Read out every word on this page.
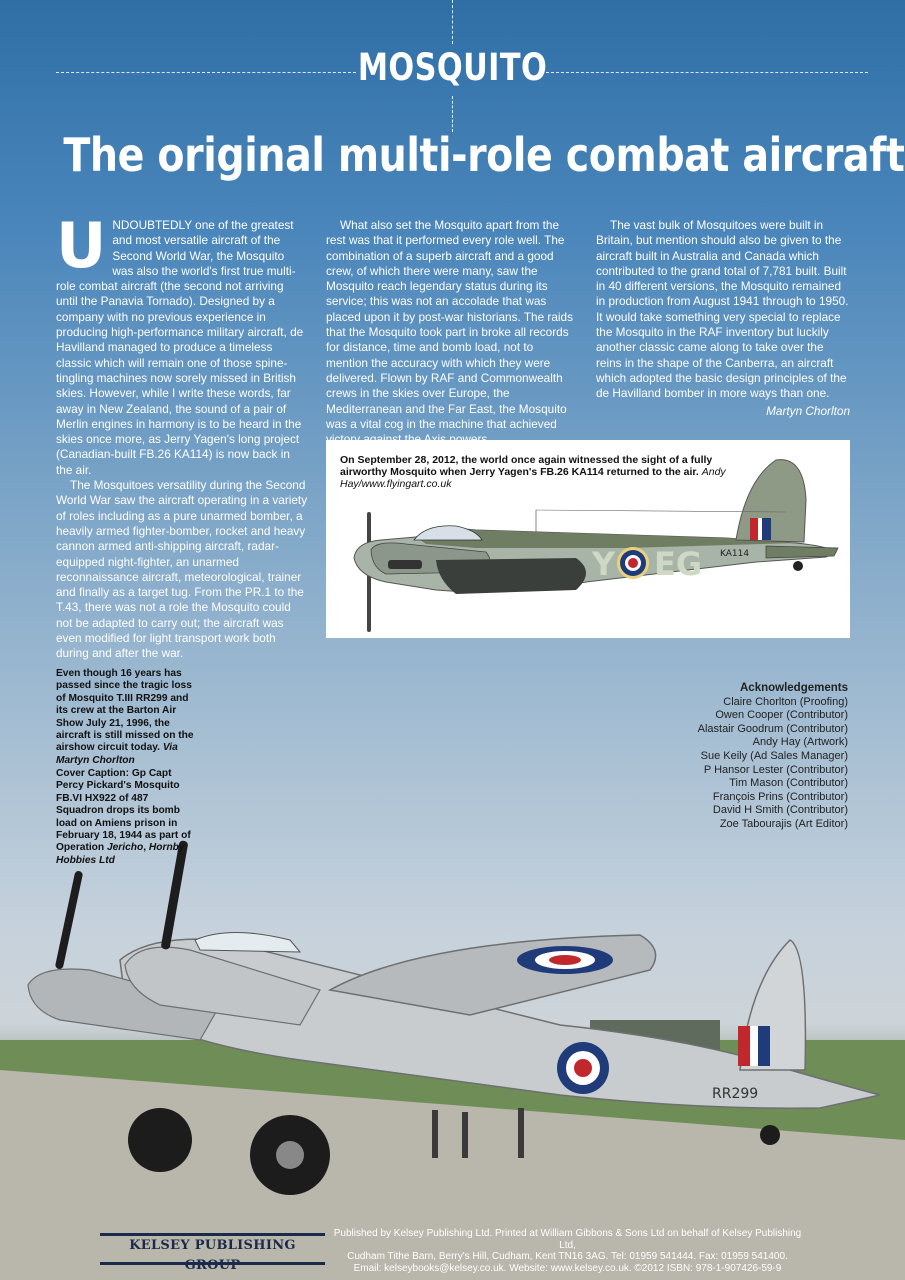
MOSQUITO
The original multi-role combat aircraft

UNDOUBTEDLY one of the greatest and most versatile aircraft of the Second World War, the Mosquito was also the world's first true multi-role combat aircraft (the second not arriving until the Panavia Tornado). Designed by a company with no previous experience in producing high-performance military aircraft, de Havilland managed to produce a timeless classic which will remain one of those spine-tingling machines now sorely missed in British skies. However, while I write these words, far away in New Zealand, the sound of a pair of Merlin engines in harmony is to be heard in the skies once more, as Jerry Yagen's long project (Canadian-built FB.26 KA114) is now back in the air.

The Mosquitoes versatility during the Second World War saw the aircraft operating in a variety of roles including as a pure unarmed bomber, a heavily armed fighter-bomber, rocket and heavy cannon armed anti-shipping aircraft, radar-equipped night-fighter, an unarmed reconnaissance aircraft, meteorological, trainer and finally as a target tug. From the PR.1 to the T.43, there was not a role the Mosquito could not be adapted to carry out; the aircraft was even modified for light transport work both during and after the war.

What also set the Mosquito apart from the rest was that it performed every role well. The combination of a superb aircraft and a good crew, of which there were many, saw the Mosquito reach legendary status during its service; this was not an accolade that was placed upon it by post-war historians. The raids that the Mosquito took part in broke all records for distance, time and bomb load, not to mention the accuracy with which they were delivered. Flown by RAF and Commonwealth crews in the skies over Europe, the Mediterranean and the Far East, the Mosquito was a vital cog in the machine that achieved

The vast bulk of Mosquitoes were built in Britain, but mention should also be given to the aircraft built in Australia and Canada which contributed to the grand total of 7,781 built. Built in 40 different versions, the Mosquito remained in production from August 1941 through to 1950. It would take something very special to replace the Mosquito in the RAF inventory but luckily another classic came along to take over the reins in the shape of the Canberra, an aircraft which adopted the basic design principles of the de Havilland bomber in more ways than one.

Martyn Chorlton
On September 28, 2012, the world once again witnessed the sight of a fully airworthy Mosquito when Jerry Yagen's FB.26 KA114 returned to the air. Andy Hay/www.flyingart.co.uk
Y EG KA114
RR299
Even though 16 years has passed since the tragic loss of Mosquito T.III RR299 and its crew at the Barton Air Show July 21, 1996, the aircraft is still missed on the airshow circuit today. Via Martyn Chorlton
Cover Caption: Gp Capt Percy Pickard's Mosquito FB.VI HX922 of 487 Squadron drops its bomb load on Amiens prison in February 18, 1944 as part of Operation Jericho, Hornby Hobbies Ltd
Acknowledgements
Claire Chorlton (Proofing)
Owen Cooper (Contributor)
Alastair Goodrum (Contributor)
Andy Hay (Artwork)
Sue Keily (Ad Sales Manager)
P Hansor Lester (Contributor)
Tim Mason (Contributor)
François Prins (Contributor)
David H Smith (Contributor)
Zoe Tabourajis (Art Editor)
KELSEY PUBLISHING GROUP
Published by Kelsey Publishing Ltd. Printed at William Gibbons & Sons Ltd on behalf of Kelsey Publishing Ltd,
Cudham Tithe Barn, Berry's Hill, Cudham, Kent TN16 3AG. Tel: 01959 541444. Fax: 01959 541400.
Email: kelseybooks@kelsey.co.uk. Website: www.kelsey.co.uk. ©2012 ISBN: 978-1-907426-59-9
